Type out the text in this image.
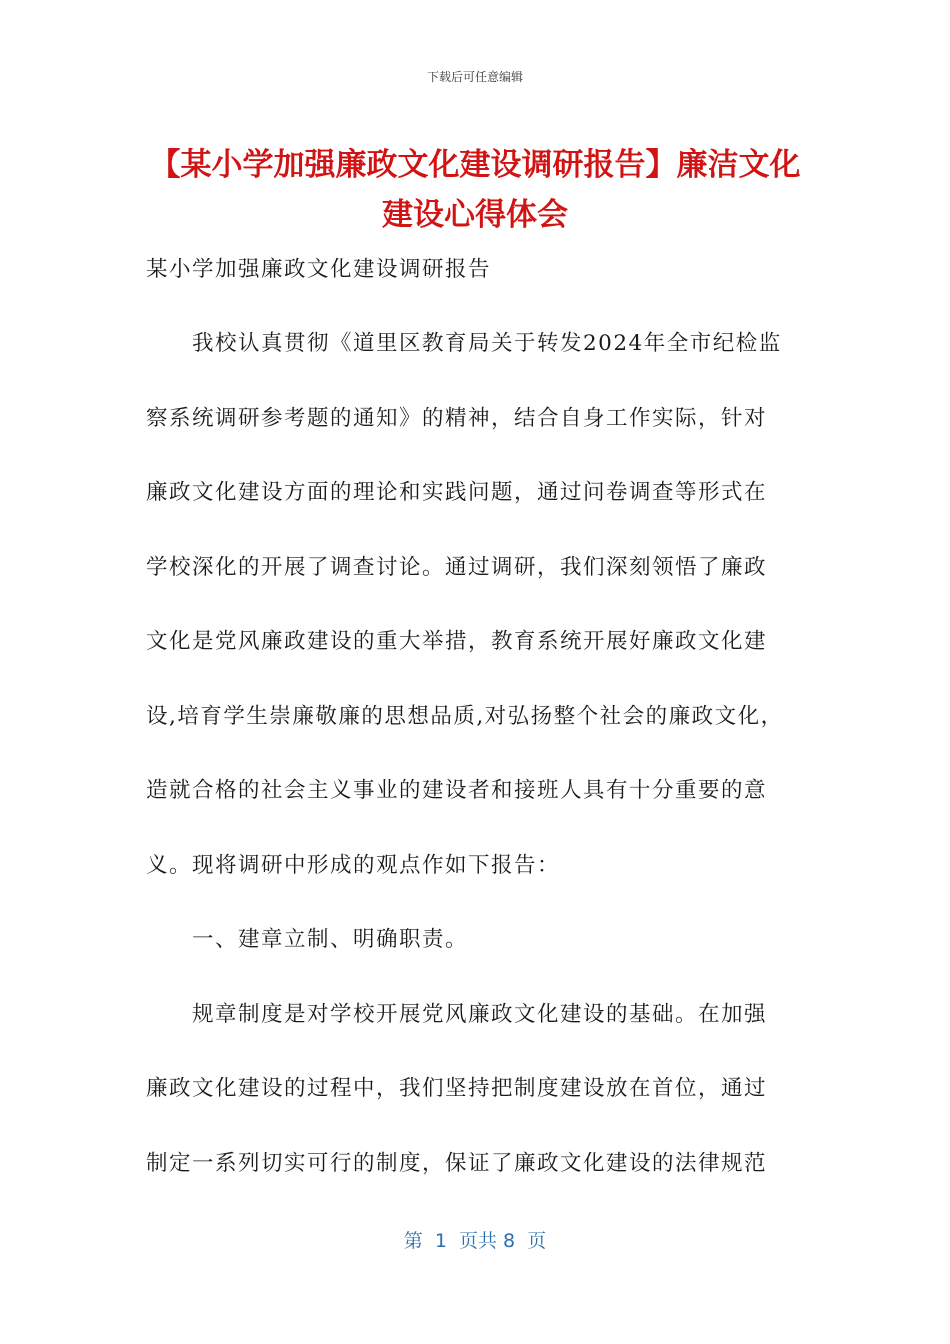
下载后可任意编辑
【某小学加强廉政文化建设调研报告】廉洁文化建设心得体会
某小学加强廉政文化建设调研报告
我校认真贯彻《道里区教育局关于转发2024年全市纪检监
察系统调研参考题的通知》的精神，结合自身工作实际，针对
廉政文化建设方面的理论和实践问题，通过问卷调查等形式在
学校深化的开展了调查讨论。通过调研，我们深刻领悟了廉政
文化是党风廉政建设的重大举措，教育系统开展好廉政文化建
设,培育学生崇廉敬廉的思想品质,对弘扬整个社会的廉政文化，
造就合格的社会主义事业的建设者和接班人具有十分重要的意
义。现将调研中形成的观点作如下报告：
一、建章立制、明确职责。
规章制度是对学校开展党风廉政文化建设的基础。在加强
廉政文化建设的过程中，我们坚持把制度建设放在首位，通过
制定一系列切实可行的制度，保证了廉政文化建设的法律规范
第  1  页共 8  页
